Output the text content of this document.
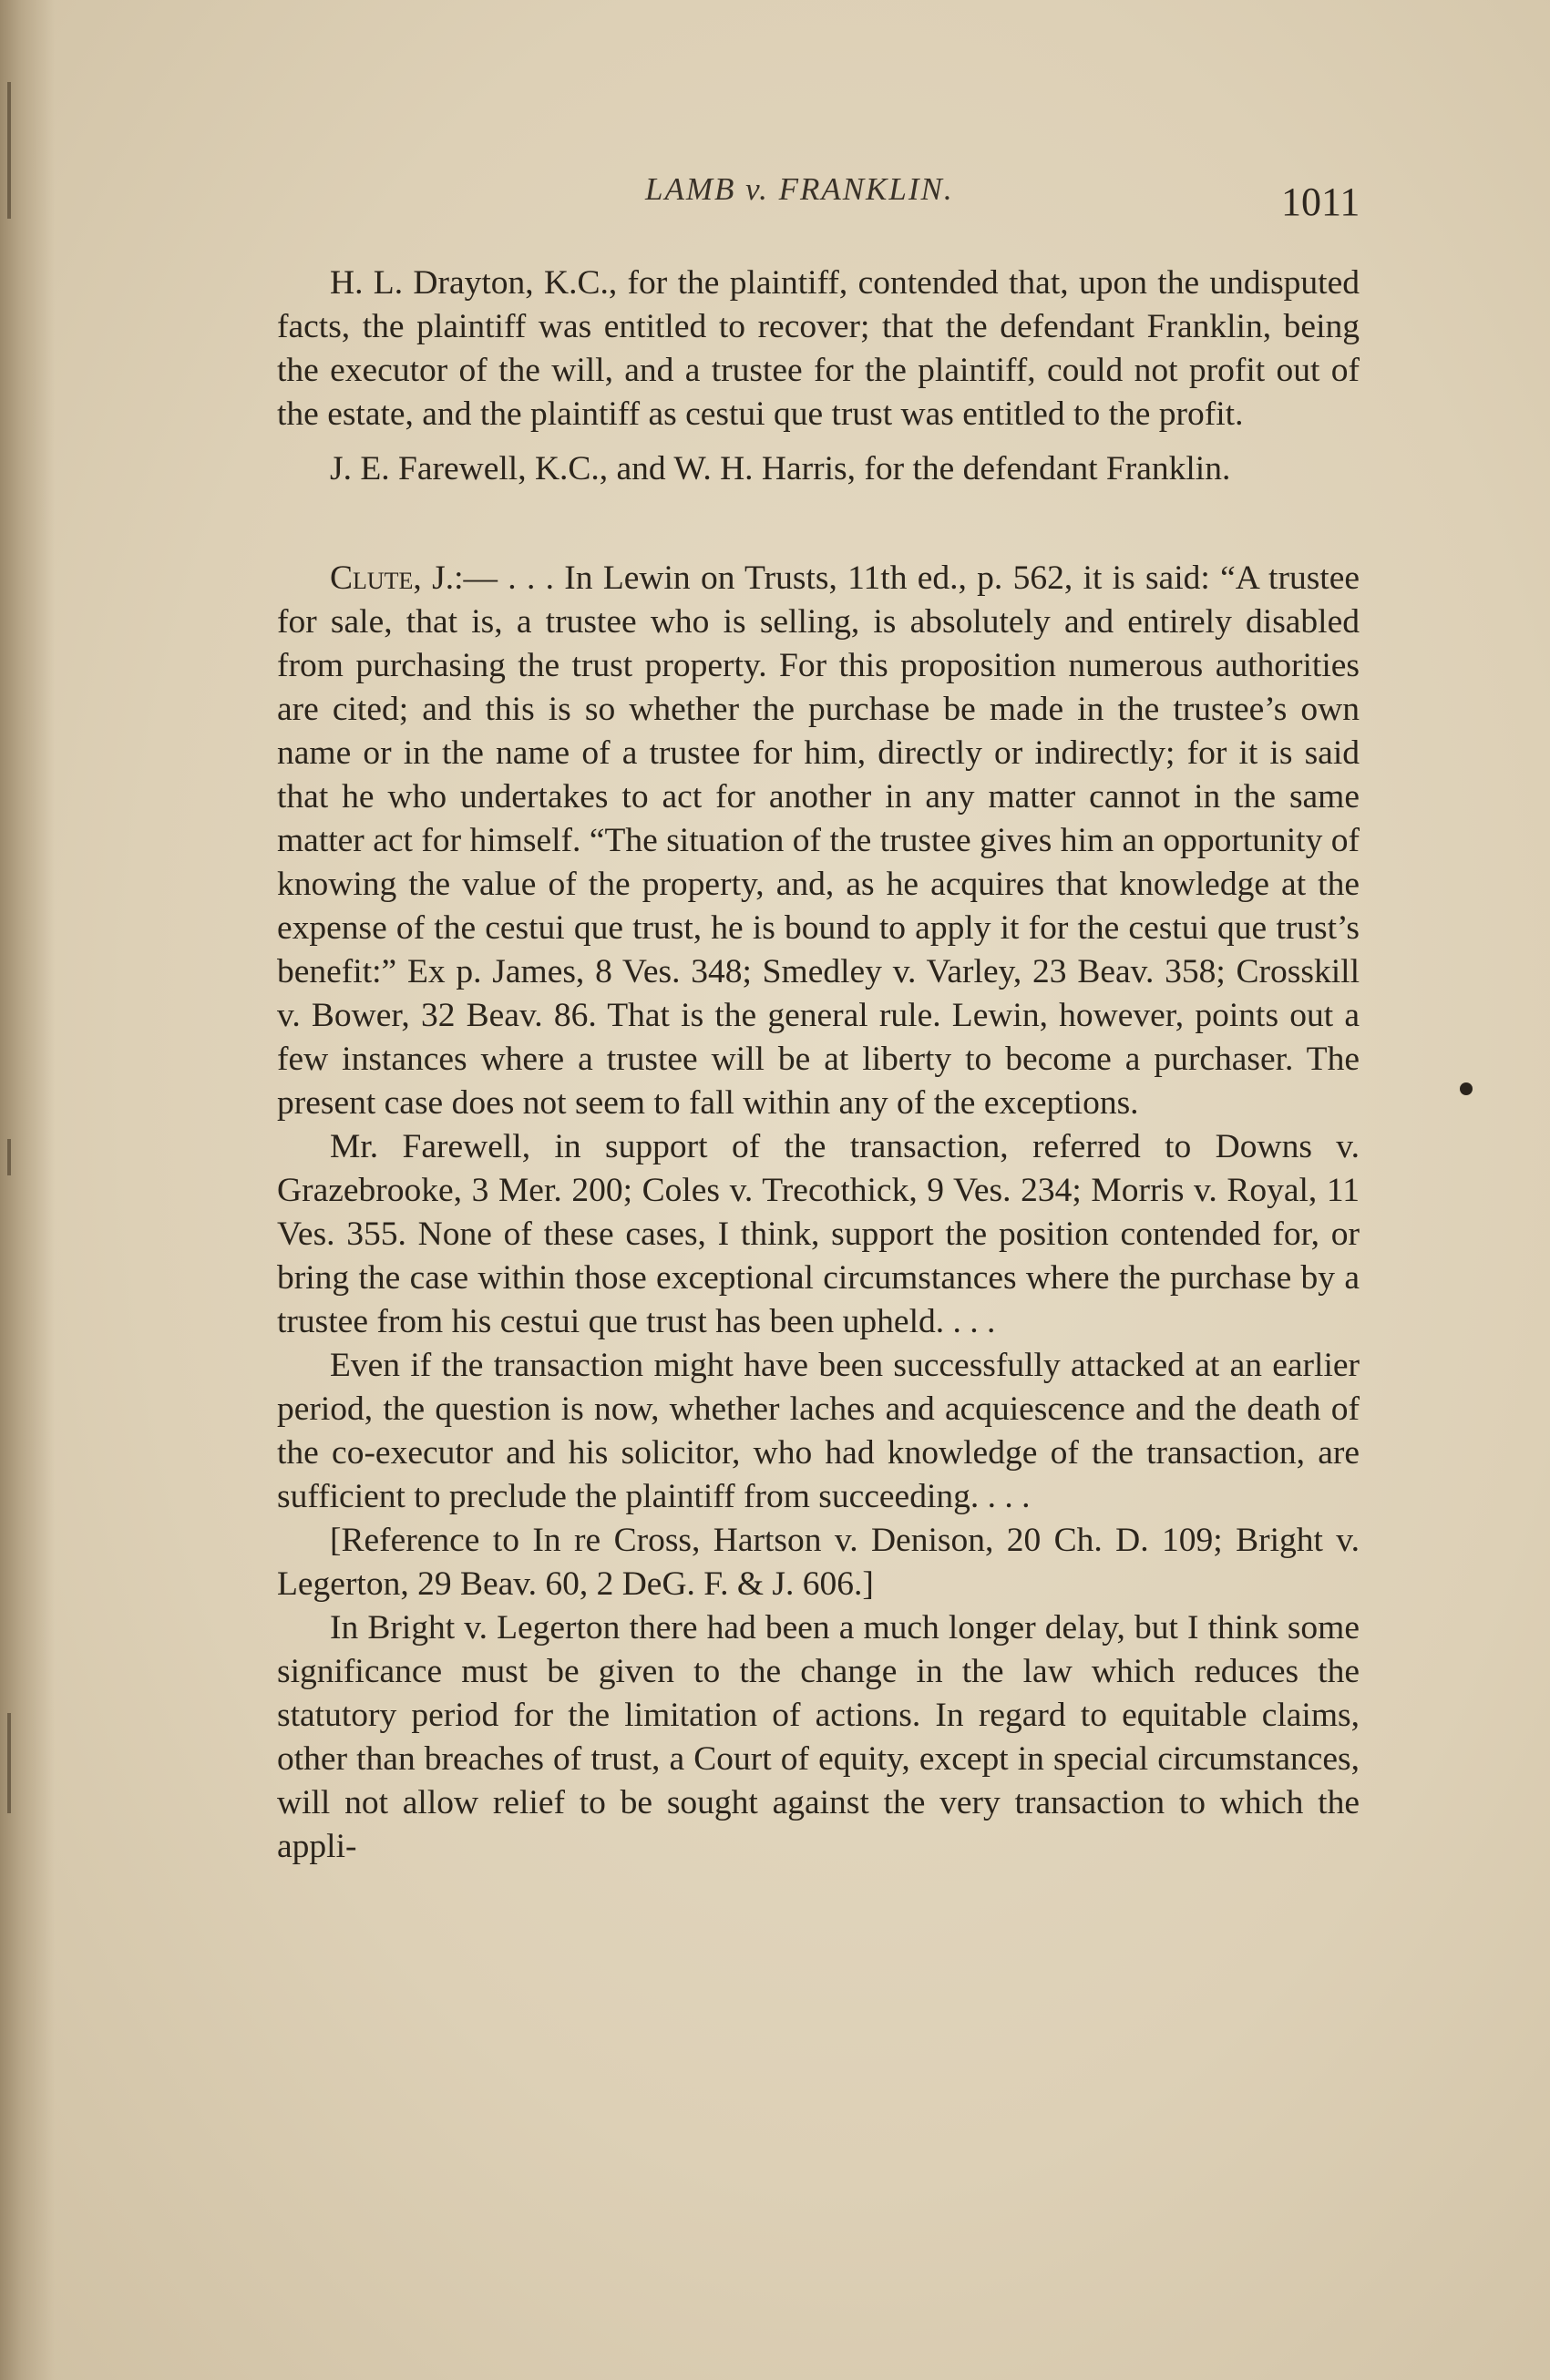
LAMB v. FRANKLIN.	1011

H. L. Drayton, K.C., for the plaintiff, contended that, upon the undisputed facts, the plaintiff was entitled to recover; that the defendant Franklin, being the executor of the will, and a trustee for the plaintiff, could not profit out of the estate, and the plaintiff as cestui que trust was entitled to the profit.

J. E. Farewell, K.C., and W. H. Harris, for the defendant Franklin.

Clute, J.:— . . . In Lewin on Trusts, 11th ed., p. 562, it is said: “A trustee for sale, that is, a trustee who is selling, is absolutely and entirely disabled from purchasing the trust property. For this proposition numerous authorities are cited; and this is so whether the purchase be made in the trustee’s own name or in the name of a trustee for him, directly or indirectly; for it is said that he who undertakes to act for another in any matter cannot in the same matter act for himself. “The situation of the trustee gives him an opportunity of knowing the value of the property, and, as he acquires that knowledge at the expense of the cestui que trust, he is bound to apply it for the cestui que trust’s benefit:” Ex p. James, 8 Ves. 348; Smedley v. Varley, 23 Beav. 358; Crosskill v. Bower, 32 Beav. 86. That is the general rule. Lewin, however, points out a few instances where a trustee will be at liberty to become a purchaser. The present case does not seem to fall within any of the exceptions.

Mr. Farewell, in support of the transaction, referred to Downs v. Grazebrooke, 3 Mer. 200; Coles v. Trecothick, 9 Ves. 234; Morris v. Royal, 11 Ves. 355. None of these cases, I think, support the position contended for, or bring the case within those exceptional circumstances where the purchase by a trustee from his cestui que trust has been upheld. . . .

Even if the transaction might have been successfully attacked at an earlier period, the question is now, whether laches and acquiescence and the death of the co-executor and his solicitor, who had knowledge of the transaction, are sufficient to preclude the plaintiff from succeeding. . . .

[Reference to In re Cross, Hartson v. Denison, 20 Ch. D. 109; Bright v. Legerton, 29 Beav. 60, 2 DeG. F. & J. 606.]

In Bright v. Legerton there had been a much longer delay, but I think some significance must be given to the change in the law which reduces the statutory period for the limitation of actions. In regard to equitable claims, other than breaches of trust, a Court of equity, except in special circumstances, will not allow relief to be sought against the very transaction to which the appli-
